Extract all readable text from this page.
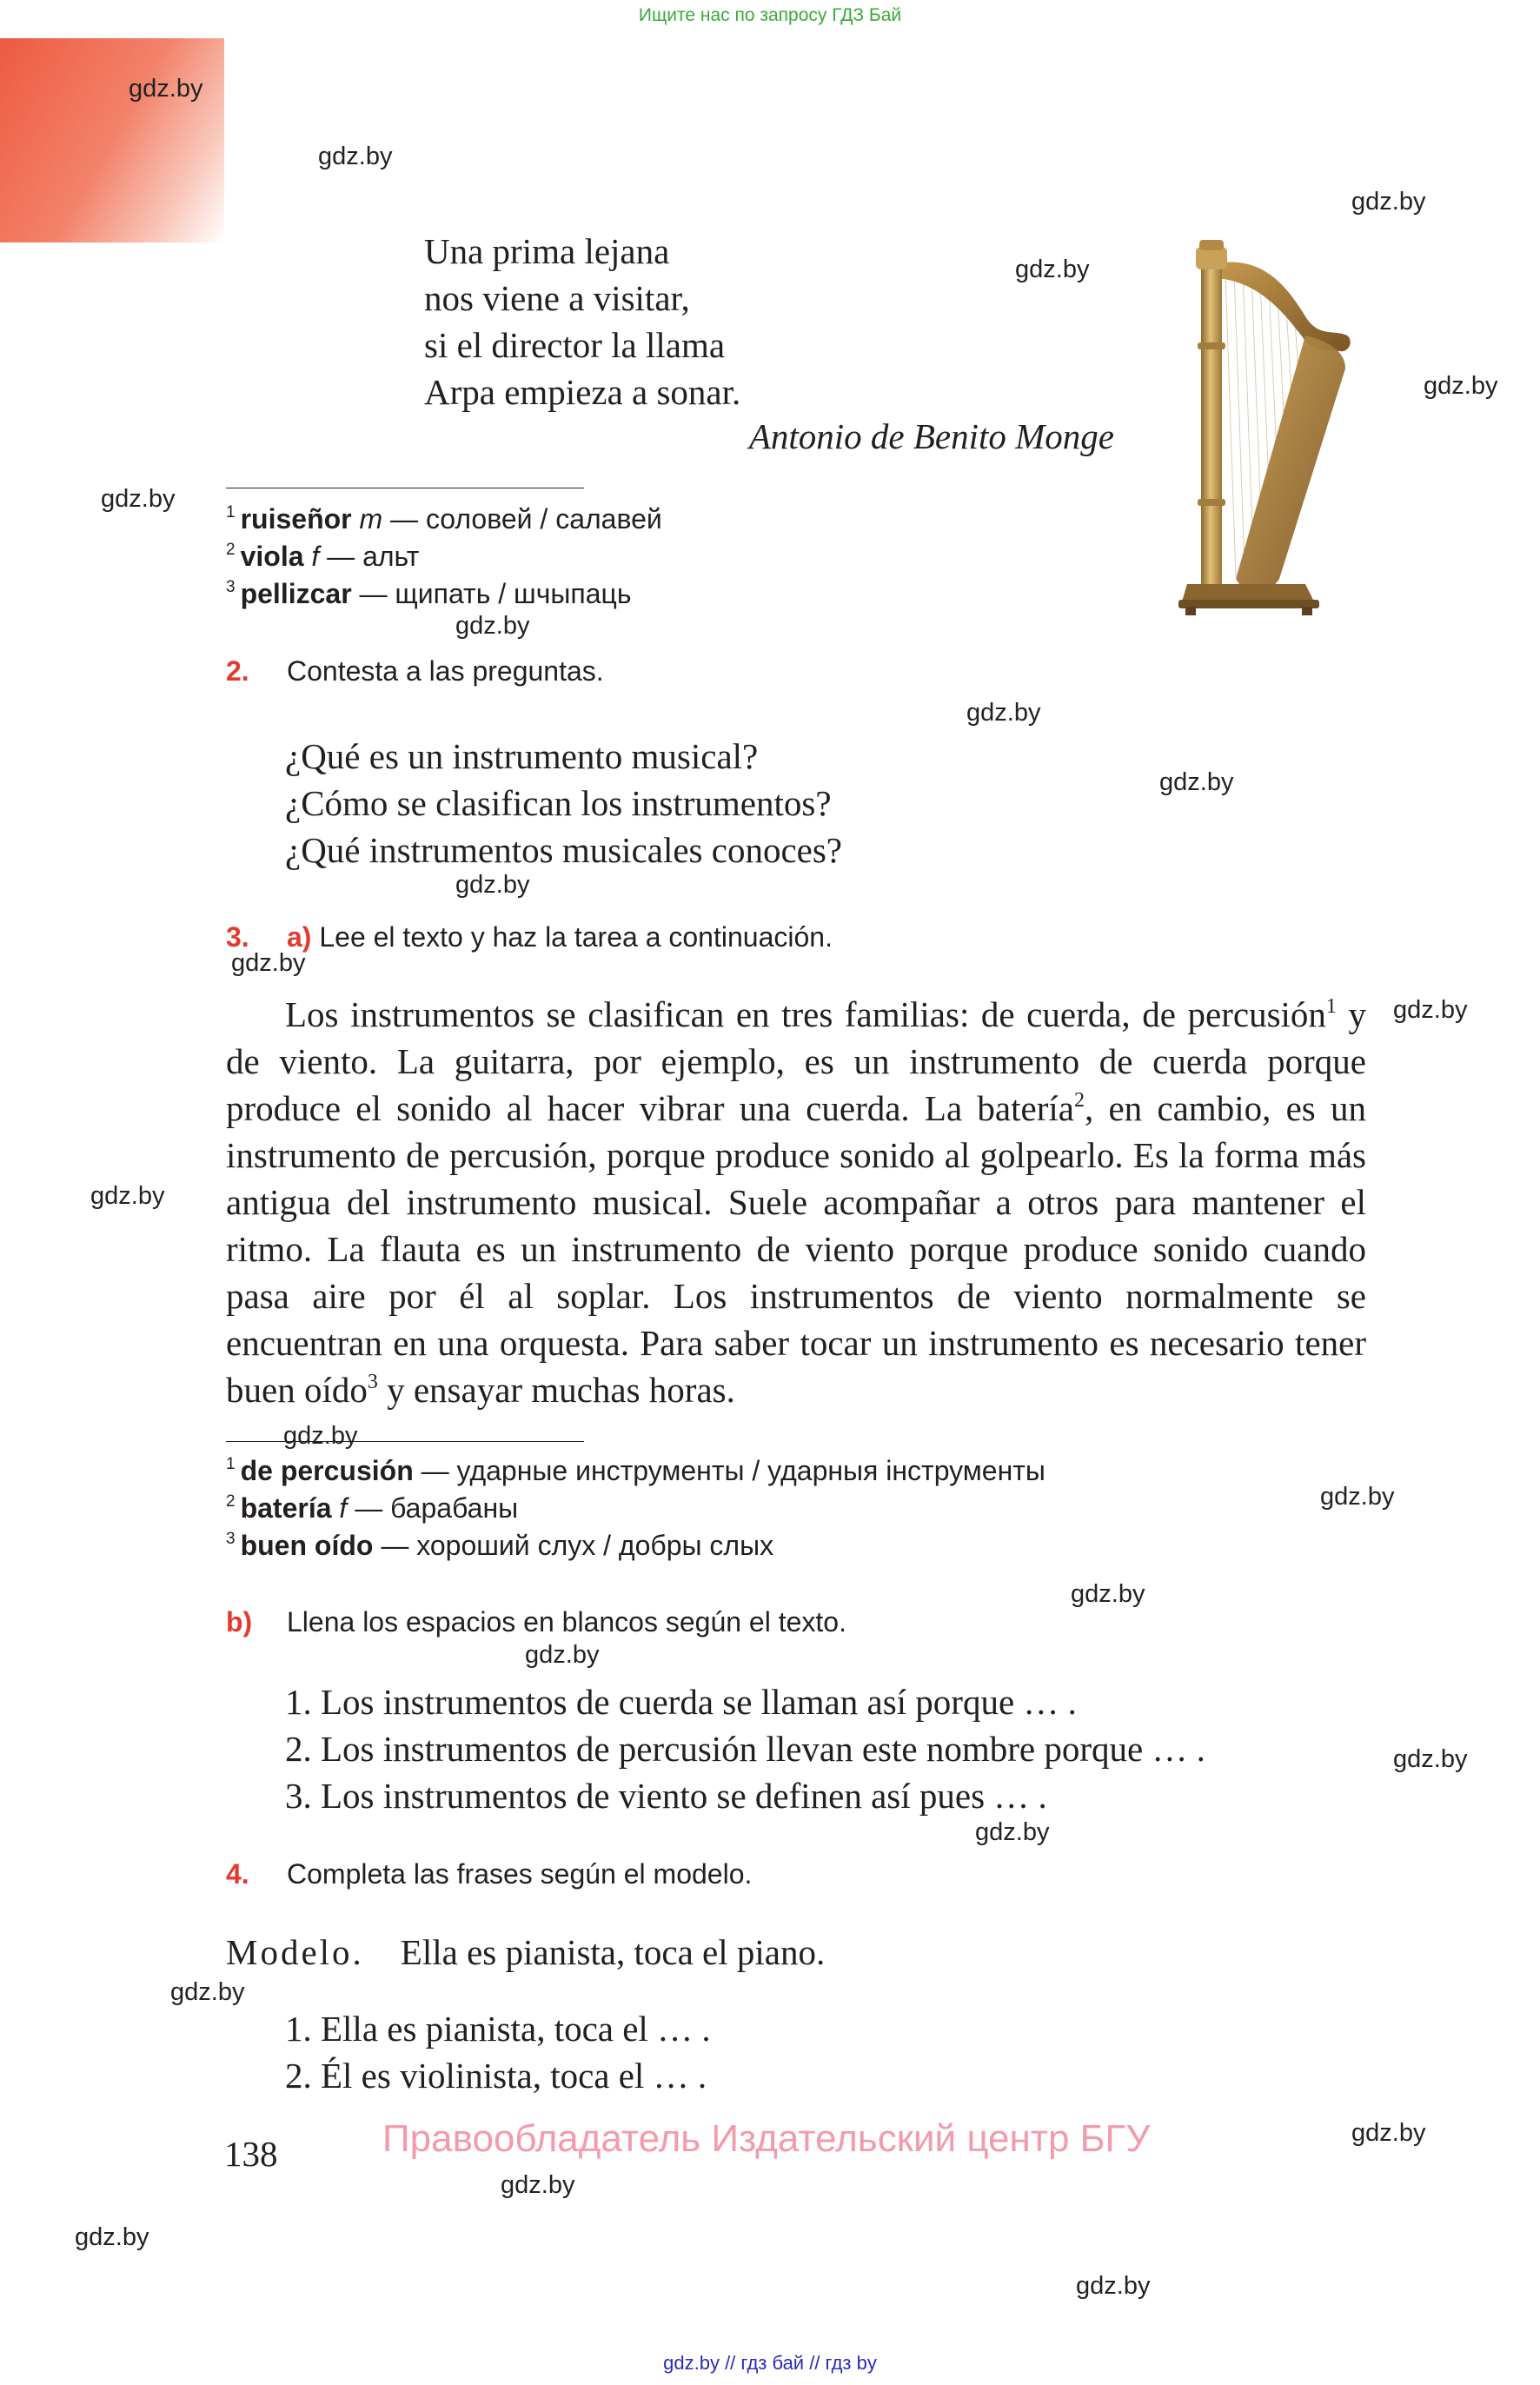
Ищите нас по запросу ГДЗ Бай
gdz.by
gdz.by
gdz.by
gdz.by
gdz.by
gdz.by
gdz.by
gdz.by
gdz.by
gdz.by
gdz.by
gdz.by
gdz.by
gdz.by
gdz.by
gdz.by
gdz.by
gdz.by
gdz.by
gdz.by
gdz.by
gdz.by
gdz.by
gdz.by
Una prima lejana
nos viene a visitar,
si el director la llama
Arpa empieza a sonar.
Antonio de Benito Monge
$^1$ ruiseñor m — соловей / салавей
$^2$ viola f — альт
$^3$ pellizcar — щипать / шчыпаць
2. Contesta a las preguntas.
¿Qué es un instrumento musical?
¿Cómo se clasifican los instrumentos?
¿Qué instrumentos musicales conoces?
3. a) Lee el texto y haz la tarea a continuación.
Los instrumentos se clasifican en tres familias: de cuerda, de percusión$^1$ y de viento. La guitarra, por ejemplo, es un instrumento de cuerda porque produce el sonido al hacer vibrar una cuerda. La batería$^2$, en cambio, es un instrumento de percusión, porque produce sonido al golpearlo. Es la forma más antigua del instrumento musical. Suele acompañar a otros para mantener el ritmo. La flauta es un instrumento de viento porque produce sonido cuando pasa aire por él al soplar. Los instrumentos de viento normalmente se encuentran en una orquesta. Para saber tocar un instrumento es necesario tener buen oído$^3$ y ensayar muchas horas.
$^1$ de percusión — ударные инструменты / ударныя інструменты
$^2$ batería f — барабаны
$^3$ buen oído — хороший слух / добры слых
b) Llena los espacios en blancos según el texto.
1. Los instrumentos de cuerda se llaman así porque … .
2. Los instrumentos de percusión llevan este nombre porque … .
3. Los instrumentos de viento se definen así pues … .
4. Completa las frases según el modelo.
Modelo. Ella es pianista, toca el piano.
1. Ella es pianista, toca el … .
2. Él es violinista, toca el … .
138	Правообладатель Издательский центр БГУ
gdz.by // гдз бай // гдз by
